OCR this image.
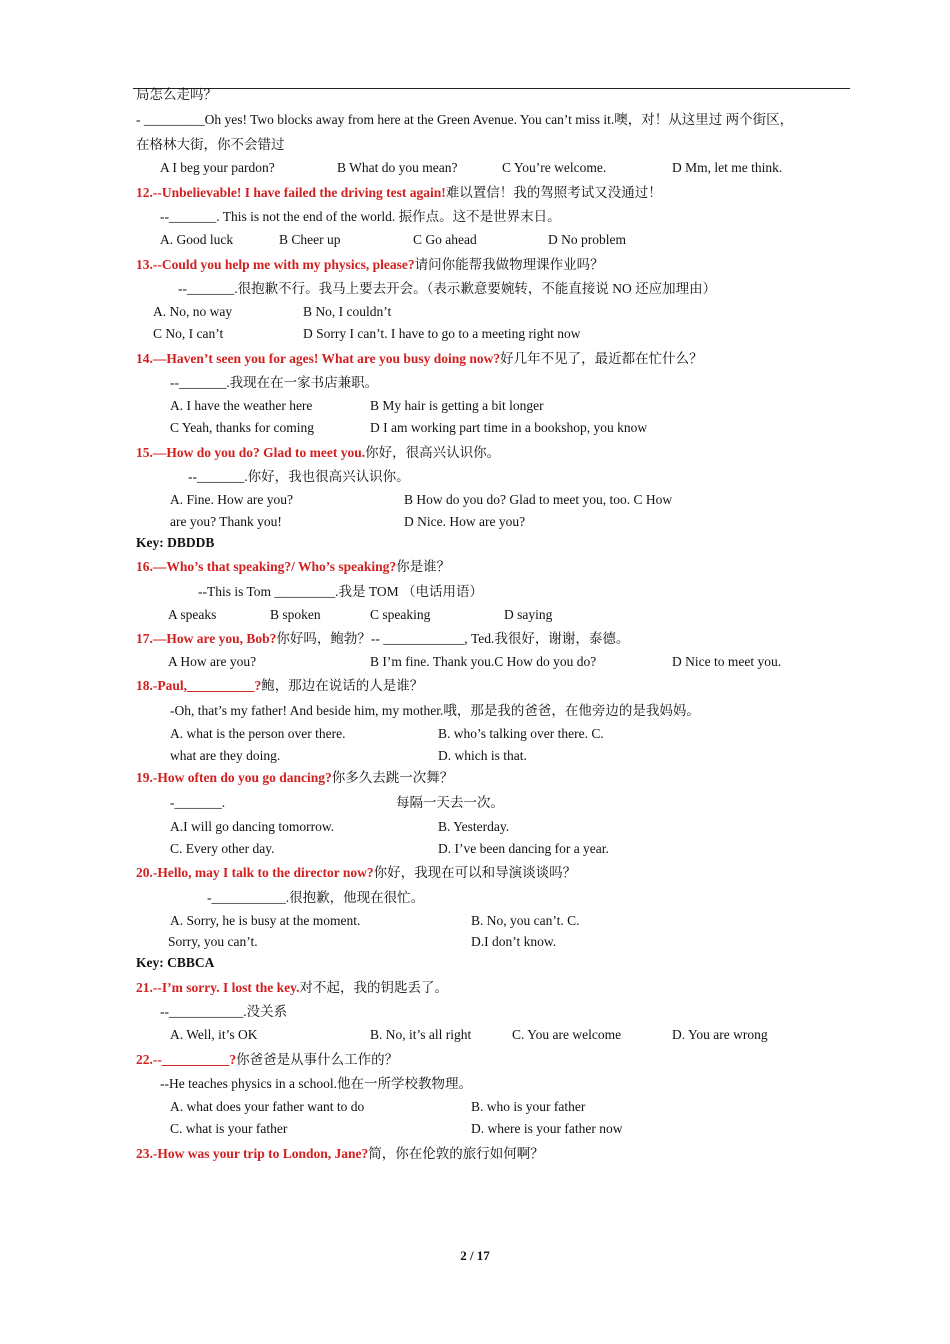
局怎么走吗？
- _________Oh yes! Two blocks away from here at the Green Avenue. You can’t miss it.噢，对！从这里过 两个街区，
在格林大街，你不会错过
A I beg your pardon?	B What do you mean?	C You’re welcome.	D Mm, let me think.
12.--Unbelievable! I have failed the driving test again!难以置信！我的驾照考试又没通过！
--_______. This is not the end of the world. 振作点。这不是世界末日。
A. Good luck	B Cheer up	C Go ahead	D No problem
13.--Could you help me with my physics, please?请问你能帮我做物理课作业吗？
--_______.很抱歉不行。我马上要去开会。（表示歉意要婉转，不能直接说 NO 还应加理由）
A. No, no way	B No, I couldn’t
C No, I can’t	D Sorry I can’t. I have to go to a meeting right now
14.—Haven’t seen you for ages! What are you busy doing now?好几年不见了，最近都在忙什么？
--_______.我现在在一家书店兼职。
A. I have the weather here	B My hair is getting a bit longer
C Yeah, thanks for coming	D I am working part time in a bookshop, you know
15.—How do you do? Glad to meet you.你好，很高兴认识你。
--_______.你好，我也很高兴认识你。
A. Fine. How are you?	B How do you do? Glad to meet you, too. C How
are you? Thank you!	D Nice. How are you?
Key: DBDDB
16.—Who’s that speaking?/ Who’s speaking?你是谁？
--This is Tom _________.我是 TOM （电话用语）
A speaks	B spoken	C speaking	D saying
17.—How are you, Bob?你好吗，鲍勃？-- ____________, Ted.我很好，谢谢，泰德。
A How are you?	B I’m fine. Thank you.C How do you do?	D Nice to meet you.
18.-Paul,__________?鲍，那边在说话的人是谁？
-Oh, that’s my father! And beside him, my mother.哦，那是我的爸爸，在他旁边的是我妈妈。
A. what is the person over there.	B. who’s talking over there. C.
what are they doing.	D. which is that.
19.-How often do you go dancing?你多久去跳一次舞？
-_______.	每隔一天去一次。
A.I will go dancing tomorrow.	B. Yesterday.
C. Every other day.	D. I’ve been dancing for a year.
20.-Hello, may I talk to the director now?你好，我现在可以和导演谈谈吗？
-___________.很抱歉，他现在很忙。
A. Sorry, he is busy at the moment.	B. No, you can’t. C.
Sorry, you can’t.	D.I don’t know.
Key: CBBCA
21.--I’m sorry. I lost the key.对不起，我的钥匙丢了。
--___________.没关系
A. Well, it’s OK	B. No, it’s all right	C. You are welcome	D. You are wrong
22.--__________?你爸爸是从事什么工作的？
--He teaches physics in a school.他在一所学校教物理。
A. what does your father want to do	B. who is your father
C. what is your father	D. where is your father now
23.-How was your trip to London, Jane?简，你在伦敦的旅行如何啊？
2 / 17
